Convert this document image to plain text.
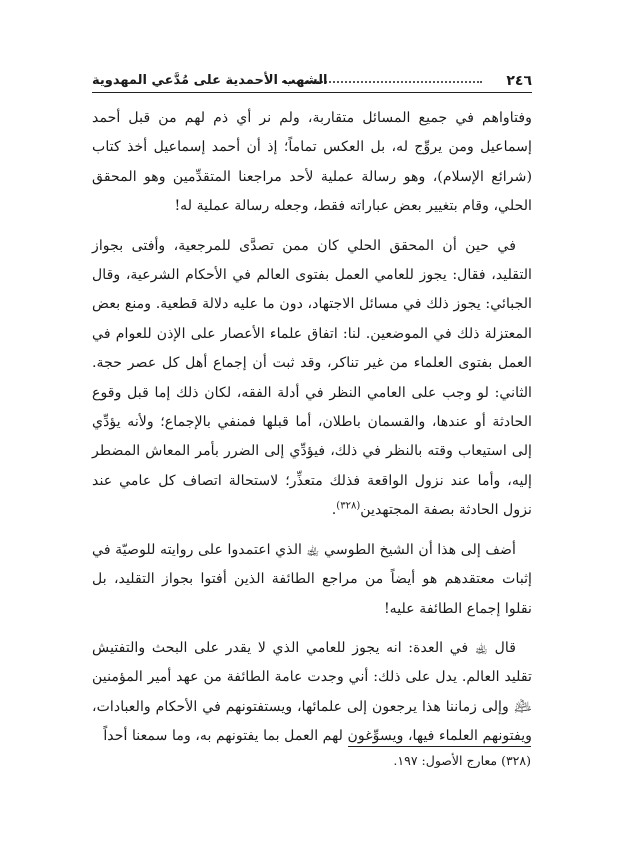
٢٤٦
الشهب الأحمدية على مُدَّعي المهدوية

وفتاواهم في جميع المسائل متقاربة، ولم نر أي ذم لهم من قبل أحمد إسماعيل ومن يروِّج له، بل العكس تماماً؛ إذ أن أحمد إسماعيل أخذ كتاب (شرائع الإسلام)، وهو رسالة عملية لأحد مراجعنا المتقدِّمين وهو المحقق الحلي، وقام بتغيير بعض عباراته فقط، وجعله رسالة عملية له!

في حين أن المحقق الحلي كان ممن تصدَّى للمرجعية، وأفتى بجواز التقليد، فقال: يجوز للعامي العمل بفتوى العالم في الأحكام الشرعية، وقال الجبائي: يجوز ذلك في مسائل الاجتهاد، دون ما عليه دلالة قطعية. ومنع بعض المعتزلة ذلك في الموضعين. لنا: اتفاق علماء الأعصار على الإذن للعوام في العمل بفتوى العلماء من غير تناكر، وقد ثبت أن إجماع أهل كل عصر حجة. الثاني: لو وجب على العامي النظر في أدلة الفقه، لكان ذلك إما قبل وقوع الحادثة أو عندها، والقسمان باطلان، أما قبلها فمنفي بالإجماع؛ ولأنه يؤدِّي إلى استيعاب وقته بالنظر في ذلك، فيؤدِّي إلى الضرر بأمر المعاش المضطر إليه، وأما عند نزول الواقعة فذلك متعذِّر؛ لاستحالة اتصاف كل عامي عند نزول الحادثة بصفة المجتهدين$^{(٣٢٨)}$.

أضف إلى هذا أن الشيخ الطوسي ﵀ الذي اعتمدوا على روايته للوصيّة في إثبات معتقدهم هو أيضاً من مراجع الطائفة الذين أفتوا بجواز التقليد، بل نقلوا إجماع الطائفة عليه!

قال ﵀ في العدة: انه يجوز للعامي الذي لا يقدر على البحث والتفتيش تقليد العالم. يدل على ذلك: أني وجدت عامة الطائفة من عهد أمير المؤمنين ﵇ وإلى زماننا هذا يرجعون إلى علمائها، ويستفتونهم في الأحكام والعبادات، ويفتونهم العلماء فيها، ويسوِّغون لهم العمل بما يفتونهم به، وما سمعنا أحداً

(٣٢٨) معارج الأصول: ١٩٧.
